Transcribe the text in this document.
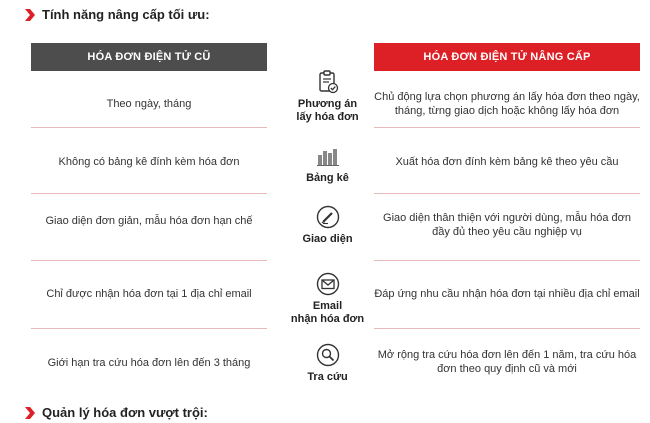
Tính năng nâng cấp tối ưu:
HÓA ĐƠN ĐIỆN TỬ CŨ	HÓA ĐƠN ĐIỆN TỬ NÂNG CẤP
Theo ngày, tháng	Phương án
lấy hóa đơn
Chủ động lựa chọn phương án lấy hóa đơn theo ngày, tháng, từng giao dịch hoặc không lấy hóa đơn
Không có bảng kê đính kèm hóa đơn
Bảng kê
Xuất hóa đơn đính kèm bảng kê theo yêu cầu
Giao diện đơn giản, mẫu hóa đơn hạn chế
Giao diện
Giao diện thân thiện với người dùng, mẫu hóa đơn đầy đủ theo yêu cầu nghiệp vụ
Chỉ được nhận hóa đơn tại 1 địa chỉ email
Email
nhận hóa đơn
Đáp ứng nhu cầu nhận hóa đơn tại nhiều địa chỉ email
Giới hạn tra cứu hóa đơn lên đến 3 tháng
Tra cứu
Mở rộng tra cứu hóa đơn lên đến 1 năm, tra cứu hóa đơn theo quy định cũ và mới
Quản lý hóa đơn vượt trội:
